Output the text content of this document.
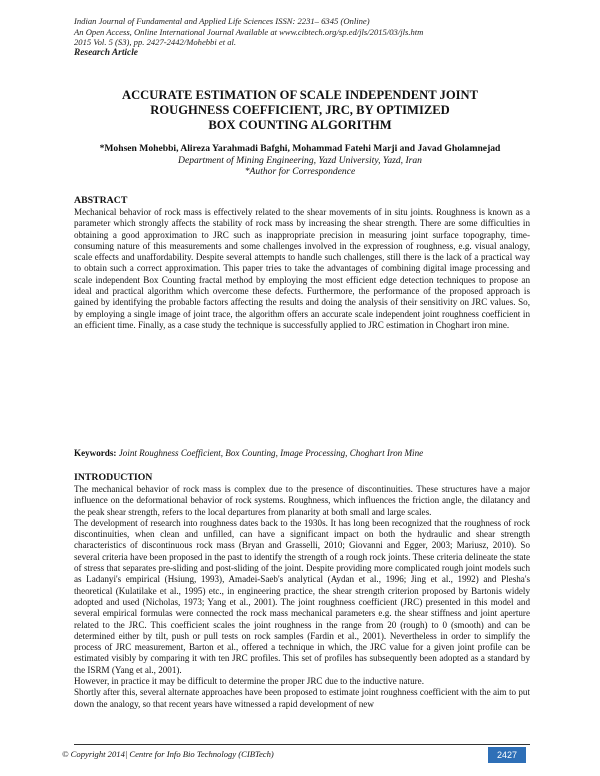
Indian Journal of Fundamental and Applied Life Sciences ISSN: 2231– 6345 (Online)
An Open Access, Online International Journal Available at www.cibtech.org/sp.ed/jls/2015/03/jls.htm
2015 Vol. 5 (S3), pp. 2427-2442/Mohebbi et al.
Research Article
ACCURATE ESTIMATION OF SCALE INDEPENDENT JOINT
ROUGHNESS COEFFICIENT, JRC, BY OPTIMIZED
BOX COUNTING ALGORITHM
*Mohsen Mohebbi, Alireza Yarahmadi Bafghi, Mohammad Fatehi Marji and Javad Gholamnejad
Department of Mining Engineering, Yazd University, Yazd, Iran
*Author for Correspondence
ABSTRACT

Mechanical behavior of rock mass is effectively related to the shear movements of in situ joints. Roughness is known as a parameter which strongly affects the stability of rock mass by increasing the shear strength. There are some difficulties in obtaining a good approximation to JRC such as inappropriate precision in measuring joint surface topography, time-consuming nature of this measurements and some challenges involved in the expression of roughness, e.g. visual analogy, scale effects and unaffordability. Despite several attempts to handle such challenges, still there is the lack of a practical way to obtain such a correct approximation. This paper tries to take the advantages of combining digital image processing and scale independent Box Counting fractal method by employing the most efficient edge detection techniques to propose an ideal and practical algorithm which overcome these defects. Furthermore, the performance of the proposed approach is gained by identifying the probable factors affecting the results and doing the analysis of their sensitivity on JRC values. So, by employing a single image of joint trace, the algorithm offers an accurate scale independent joint roughness coefficient in an efficient time. Finally, as a case study the technique is successfully applied to JRC estimation in Choghart iron mine.

Keywords: Joint Roughness Coefficient, Box Counting, Image Processing, Choghart Iron Mine
INTRODUCTION

The mechanical behavior of rock mass is complex due to the presence of discontinuities. These structures have a major influence on the deformational behavior of rock systems. Roughness, which influences the friction angle, the dilatancy and the peak shear strength, refers to the local departures from planarity at both small and large scales.

The development of research into roughness dates back to the 1930s. It has long been recognized that the roughness of rock discontinuities, when clean and unfilled, can have a significant impact on both the hydraulic and shear strength characteristics of discontinuous rock mass (Bryan and Grasselli, 2010; Giovanni and Egger, 2003; Mariusz, 2010). So several criteria have been proposed in the past to identify the strength of a rough rock joints. These criteria delineate the state of stress that separates pre-sliding and post-sliding of the joint. Despite providing more complicated rough joint models such as Ladanyi's empirical (Hsiung, 1993), Amadei-Saeb's analytical (Aydan et al., 1996; Jing et al., 1992) and Plesha's theoretical (Kulatilake et al., 1995) etc., in engineering practice, the shear strength criterion proposed by Bartonis widely adopted and used (Nicholas, 1973; Yang et al., 2001). The joint roughness coefficient (JRC) presented in this model and several empirical formulas were connected the rock mass mechanical parameters e.g. the shear stiffness and joint aperture related to the JRC. This coefficient scales the joint roughness in the range from 20 (rough) to 0 (smooth) and can be determined either by tilt, push or pull tests on rock samples (Fardin et al., 2001). Nevertheless in order to simplify the process of JRC measurement, Barton et al., offered a technique in which, the JRC value for a given joint profile can be estimated visibly by comparing it with ten JRC profiles. This set of profiles has subsequently been adopted as a standard by the ISRM (Yang et al., 2001).

However, in practice it may be difficult to determine the proper JRC due to the inductive nature.

Shortly after this, several alternate approaches have been proposed to estimate joint roughness coefficient with the aim to put down the analogy, so that recent years have witnessed a rapid development of new

© Copyright 2014| Centre for Info Bio Technology (CIBTech)	2427
